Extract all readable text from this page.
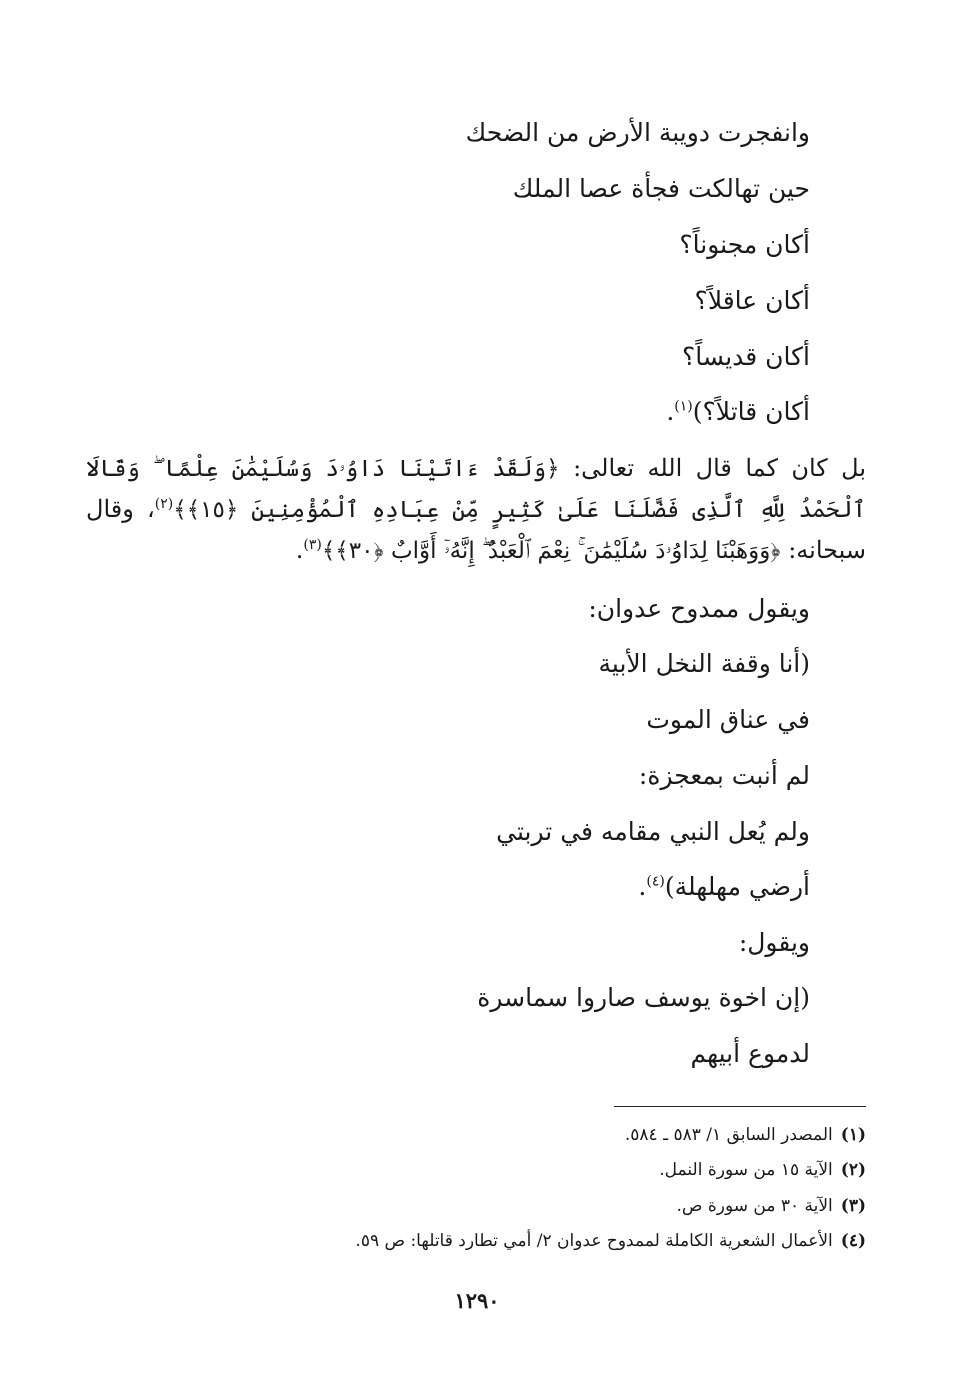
وانفجرت دويبة الأرض من الضحك
حين تهالكت فجأة عصا الملك
أكان مجنوناً؟
أكان عاقلاً؟
أكان قديساً؟
أكان قاتلاً؟)$^{(١)}$.
بل كان كما قال الله تعالى: ﴿وَلَقَدْ ءَاتَيْنَا دَاوُۥدَ وَسُلَيْمَٰنَ عِلْمًا ۖ وَقَالَا ٱلْحَمْدُ لِلَّهِ ٱلَّذِى فَضَّلَنَا عَلَىٰ كَثِيرٍ مِّنْ عِبَادِهِ ٱلْمُؤْمِنِينَ ﴿١٥﴾﴾$^{(٢)}$، وقال سبحانه: ﴿وَوَهَبْنَا لِدَاوُۥدَ سُلَيْمَٰنَ ۚ نِعْمَ ٱلْعَبْدُ ۖ إِنَّهُۥٓ أَوَّابٌ ﴿٣٠﴾﴾$^{(٣)}$.
ويقول ممدوح عدوان:
(أنا وقفة النخل الأبية
في عناق الموت
لم أنبت بمعجزة:
ولم يُعل النبي مقامه في تربتي
أرضي مهلهلة)$^{(٤)}$.
ويقول:
(إن اخوة يوسف صاروا سماسرة
لدموع أبيهم
(١)المصدر السابق ١/ ٥٨٣ ـ ٥٨٤.
(٢)الآية ١٥ من سورة النمل.
(٣)الآية ٣٠ من سورة ص.
(٤)الأعمال الشعرية الكاملة لممدوح عدوان ٢/ أمي تطارد قاتلها: ص ٥٩.
١٢٩٠
